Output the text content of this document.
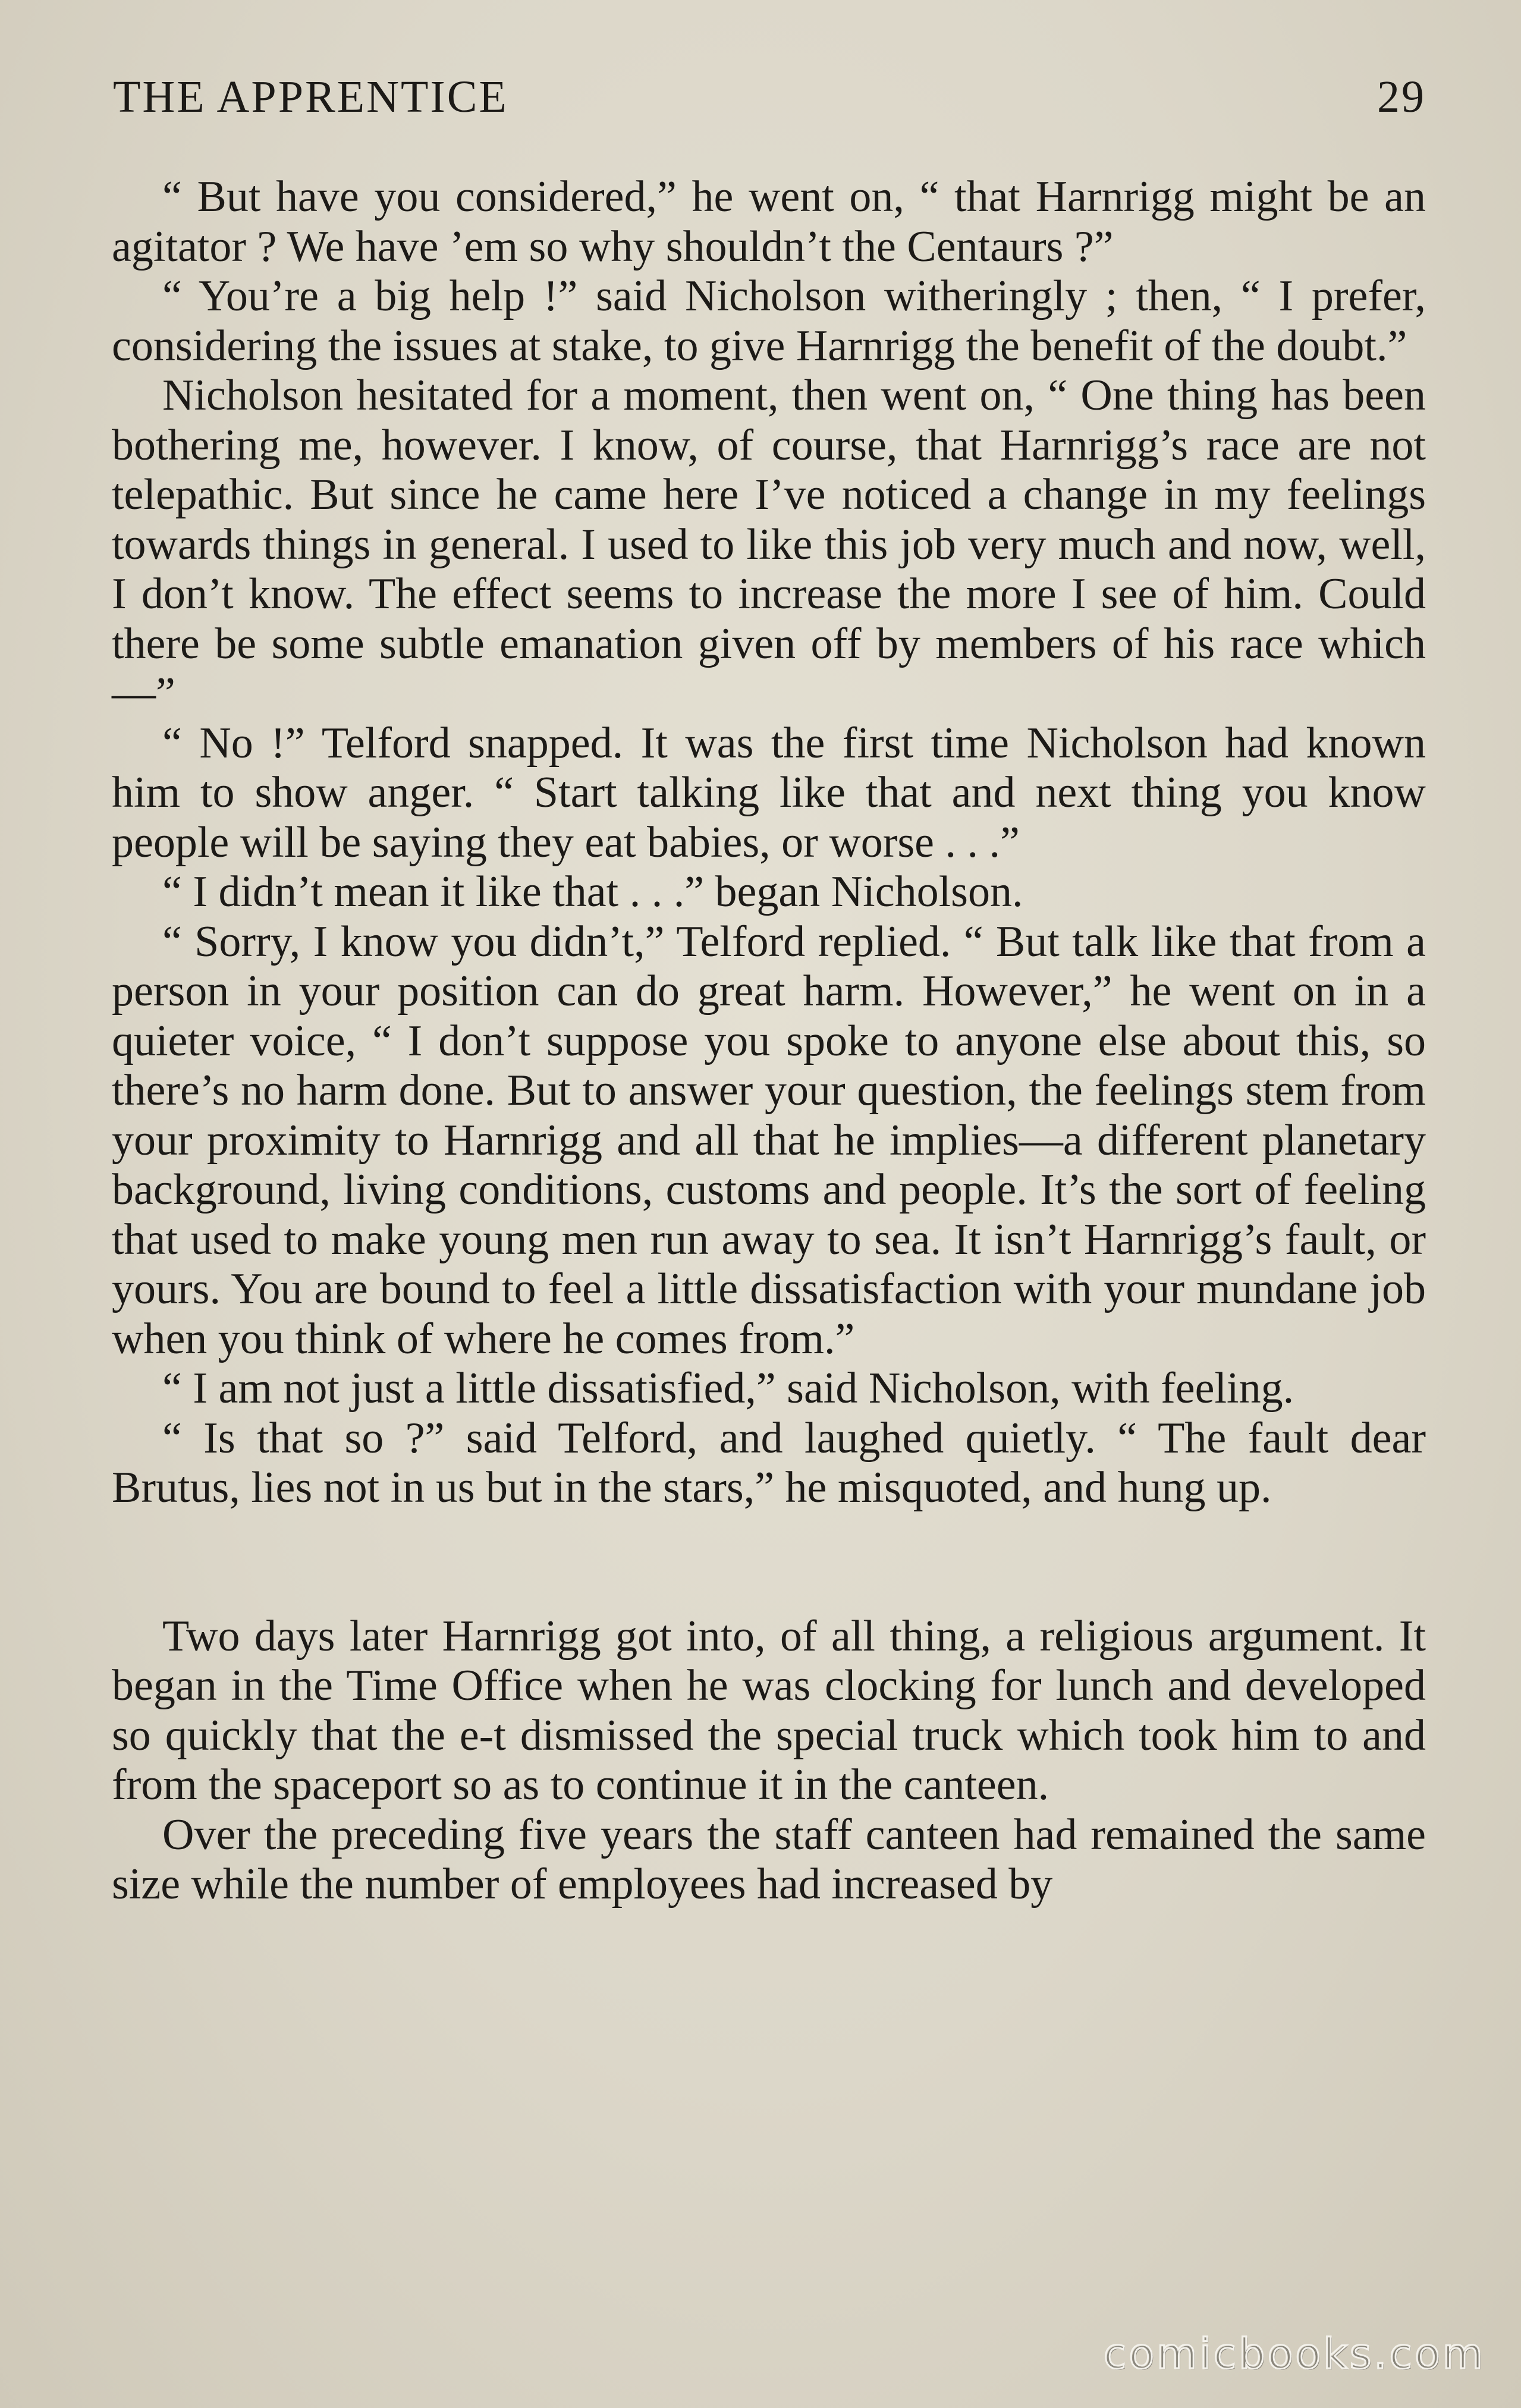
THE APPRENTICE	29

“ But have you considered,” he went on, “ that Harnrigg might be an agitator ? We have ’em so why shouldn’t the Centaurs ?”

“ You’re a big help !” said Nicholson witheringly ; then, “ I prefer, considering the issues at stake, to give Harnrigg the benefit of the doubt.”

Nicholson hesitated for a moment, then went on, “ One thing has been bothering me, however. I know, of course, that Harnrigg’s race are not telepathic. But since he came here I’ve noticed a change in my feelings towards things in general. I used to like this job very much and now, well, I don’t know. The effect seems to increase the more I see of him. Could there be some subtle emanation given off by members of his race which—”

“ No !” Telford snapped. It was the first time Nicholson had known him to show anger. “ Start talking like that and next thing you know people will be saying they eat babies, or worse . . .”

“ I didn’t mean it like that . . .” began Nicholson.

“ Sorry, I know you didn’t,” Telford replied. “ But talk like that from a person in your position can do great harm. However,” he went on in a quieter voice, “ I don’t suppose you spoke to anyone else about this, so there’s no harm done. But to answer your question, the feelings stem from your proximity to Harnrigg and all that he implies—a different planetary background, living conditions, customs and people. It’s the sort of feeling that used to make young men run away to sea. It isn’t Harnrigg’s fault, or yours. You are bound to feel a little dissatisfaction with your mundane job when you think of where he comes from.”

“ I am not just a little dissatisfied,” said Nicholson, with feeling.

“ Is that so ?” said Telford, and laughed quietly. “ The fault dear Brutus, lies not in us but in the stars,” he misquoted, and hung up.

Two days later Harnrigg got into, of all thing, a religious argument. It began in the Time Office when he was clocking for lunch and developed so quickly that the e-t dismissed the special truck which took him to and from the spaceport so as to continue it in the canteen.

Over the preceding five years the staff canteen had remained the same size while the number of employees had increased by

comicbooks.com
